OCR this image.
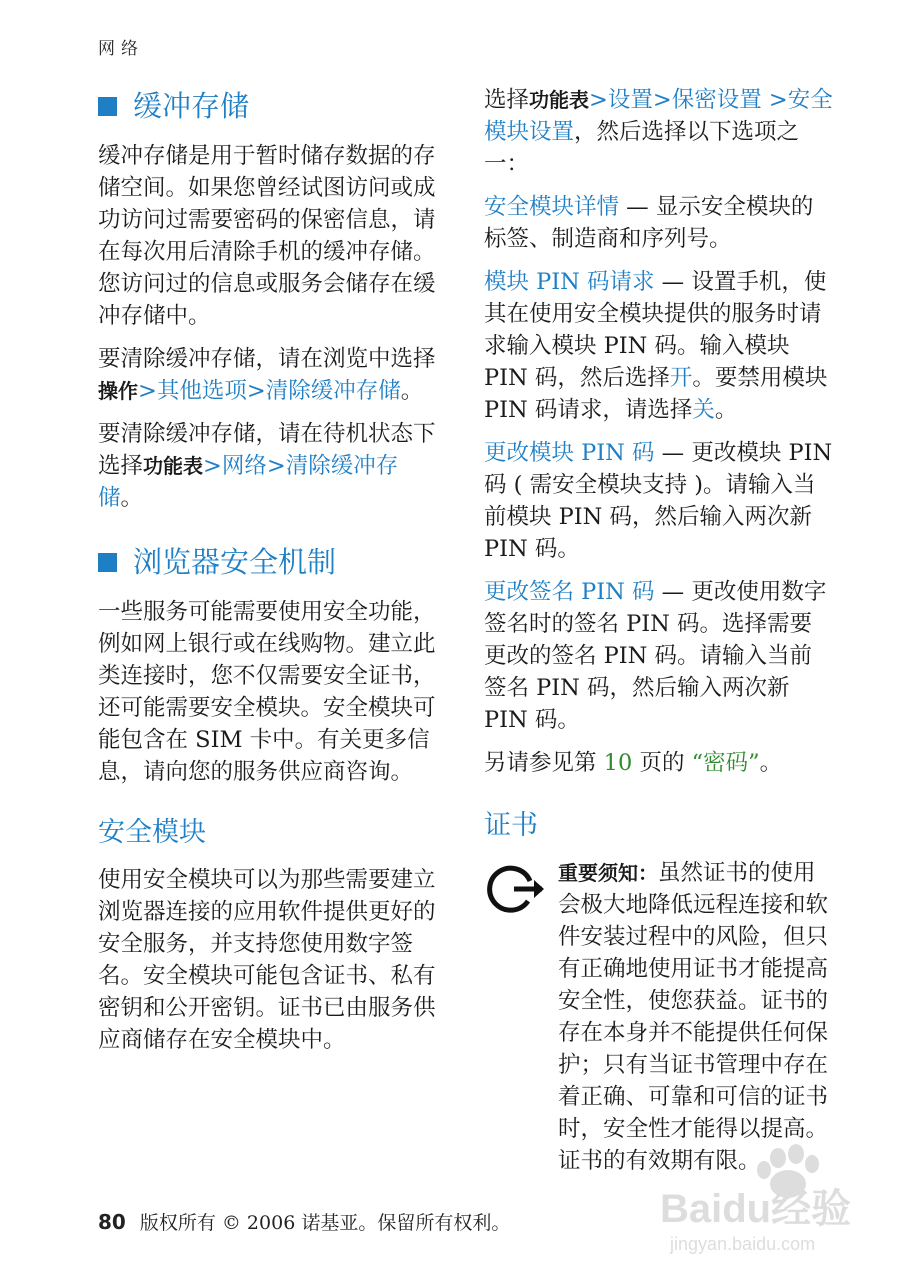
网络
缓冲存储

缓冲存储是用于暂时储存数据的存储空间。如果您曾经试图访问或成功访问过需要密码的保密信息，请在每次用后清除手机的缓冲存储。您访问过的信息或服务会储存在缓冲存储中。

要清除缓冲存储，请在浏览中选择操作>其他选项>清除缓冲存储。

要清除缓冲存储，请在待机状态下选择功能表>网络>清除缓冲存储。

浏览器安全机制

一些服务可能需要使用安全功能，例如网上银行或在线购物。建立此类连接时，您不仅需要安全证书，还可能需要安全模块。安全模块可能包含在 SIM 卡中。有关更多信息，请向您的服务供应商咨询。

安全模块

使用安全模块可以为那些需要建立浏览器连接的应用软件提供更好的安全服务，并支持您使用数字签名。安全模块可能包含证书、私有密钥和公开密钥。证书已由服务供应商储存在安全模块中。

选择功能表>设置>保密设置 >安全模块设置，然后选择以下选项之一：

安全模块详情 — 显示安全模块的标签、制造商和序列号。

模块 PIN 码请求 — 设置手机，使其在使用安全模块提供的服务时请求输入模块 PIN 码。输入模块 PIN 码，然后选择开。要禁用模块 PIN 码请求，请选择关。

更改模块 PIN 码 — 更改模块 PIN 码 ( 需安全模块支持 )。请输入当前模块 PIN 码，然后输入两次新 PIN 码。

更改签名 PIN 码 — 更改使用数字签名时的签名 PIN 码。选择需要更改的签名 PIN 码。请输入当前签名 PIN 码，然后输入两次新 PIN 码。

另请参见第 10 页的 “密码”。

证书

重要须知：虽然证书的使用会极大地降低远程连接和软件安装过程中的风险，但只有正确地使用证书才能提高安全性，使您获益。证书的存在本身并不能提供任何保护；只有当证书管理中存在着正确、可靠和可信的证书时，安全性才能得以提高。证书的有效期有限。

80 版权所有 © 2006 诺基亚。保留所有权利。	Baidu经验
jingyan.baidu.com
